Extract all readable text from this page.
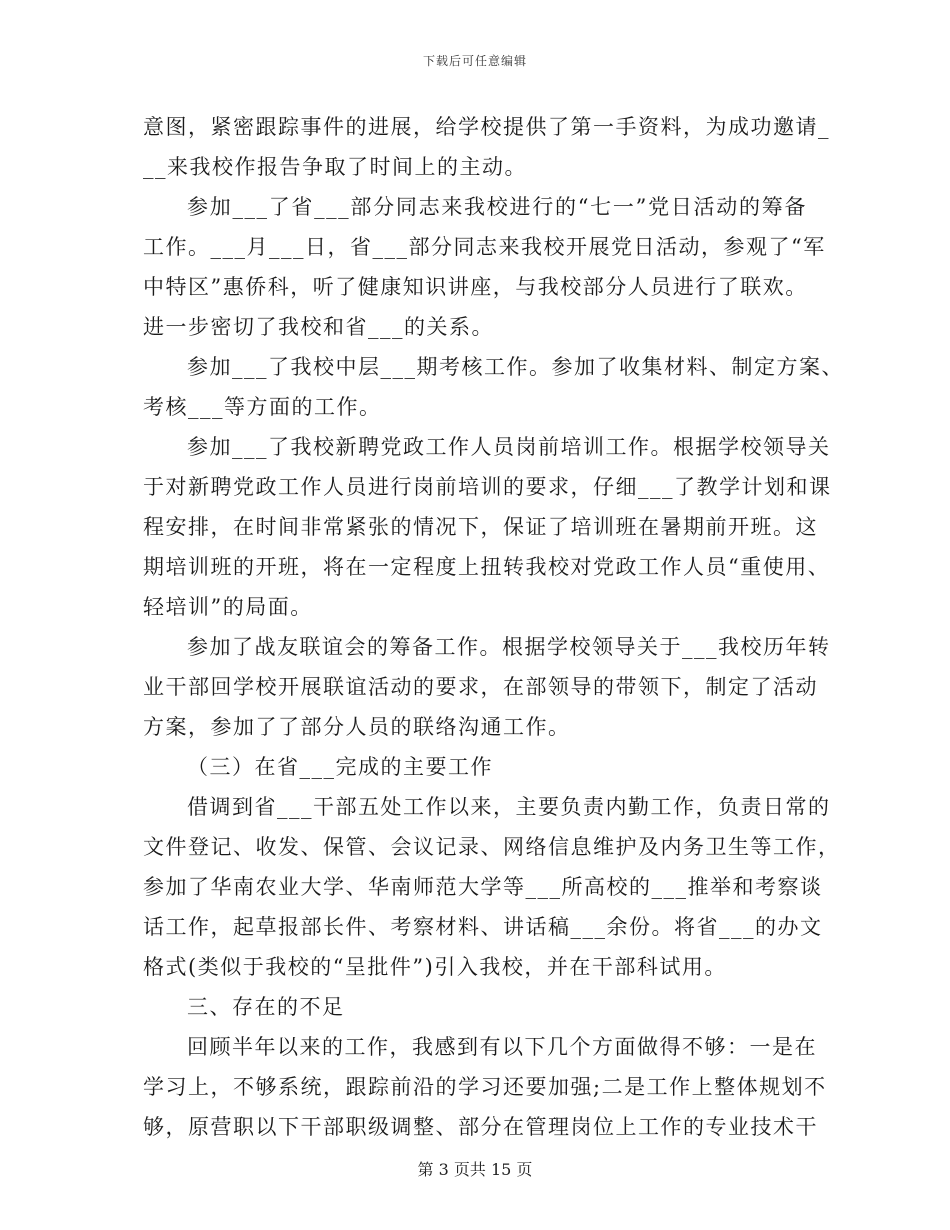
下载后可任意编辑
意图，紧密跟踪事件的进展，给学校提供了第一手资料，为成功邀请_
__来我校作报告争取了时间上的主动。
参加___了省___部分同志来我校进行的“七一”党日活动的筹备
工作。___月___日，省___部分同志来我校开展党日活动，参观了“军
中特区”惠侨科，听了健康知识讲座，与我校部分人员进行了联欢。
进一步密切了我校和省___的关系。
参加___了我校中层___期考核工作。参加了收集材料、制定方案、
考核___等方面的工作。
参加___了我校新聘党政工作人员岗前培训工作。根据学校领导关
于对新聘党政工作人员进行岗前培训的要求，仔细___了教学计划和课
程安排，在时间非常紧张的情况下，保证了培训班在暑期前开班。这
期培训班的开班，将在一定程度上扭转我校对党政工作人员“重使用、
轻培训”的局面。
参加了战友联谊会的筹备工作。根据学校领导关于___我校历年转
业干部回学校开展联谊活动的要求，在部领导的带领下，制定了活动
方案，参加了了部分人员的联络沟通工作。
（三）在省___完成的主要工作
借调到省___干部五处工作以来，主要负责内勤工作，负责日常的
文件登记、收发、保管、会议记录、网络信息维护及内务卫生等工作，
参加了华南农业大学、华南师范大学等___所高校的___推举和考察谈
话工作，起草报部长件、考察材料、讲话稿___余份。将省___的办文
格式(类似于我校的“呈批件”)引入我校，并在干部科试用。
三、存在的不足
回顾半年以来的工作，我感到有以下几个方面做得不够：一是在
学习上，不够系统，跟踪前沿的学习还要加强;二是工作上整体规划不
够，原营职以下干部职级调整、部分在管理岗位上工作的专业技术干
第 3 页共 15 页
